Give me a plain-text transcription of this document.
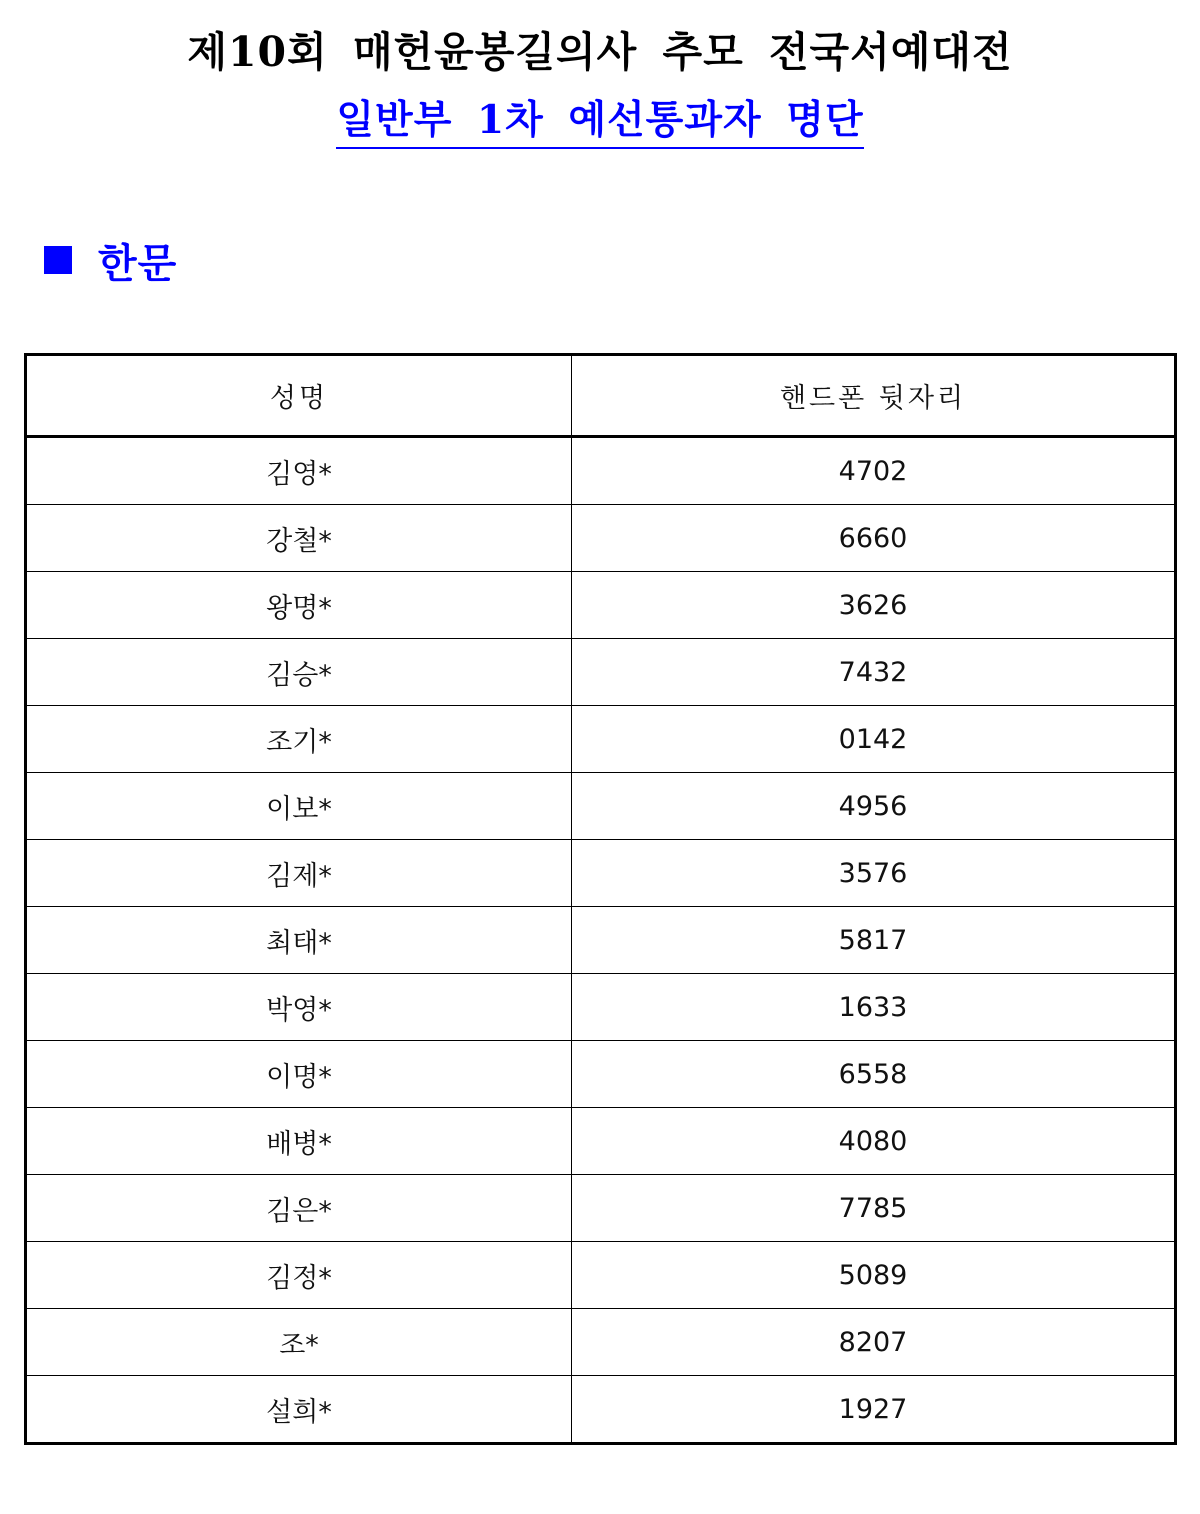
제10회 매헌윤봉길의사 추모 전국서예대전
일반부 1차 예선통과자 명단
한문
성명	핸드폰 뒷자리
김영*	4702
강철*	6660
왕명*	3626
김승*	7432
조기*	0142
이보*	4956
김제*	3576
최태*	5817
박영*	1633
이명*	6558
배병*	4080
김은*	7785
김정*	5089
조*	8207
설희*	1927
